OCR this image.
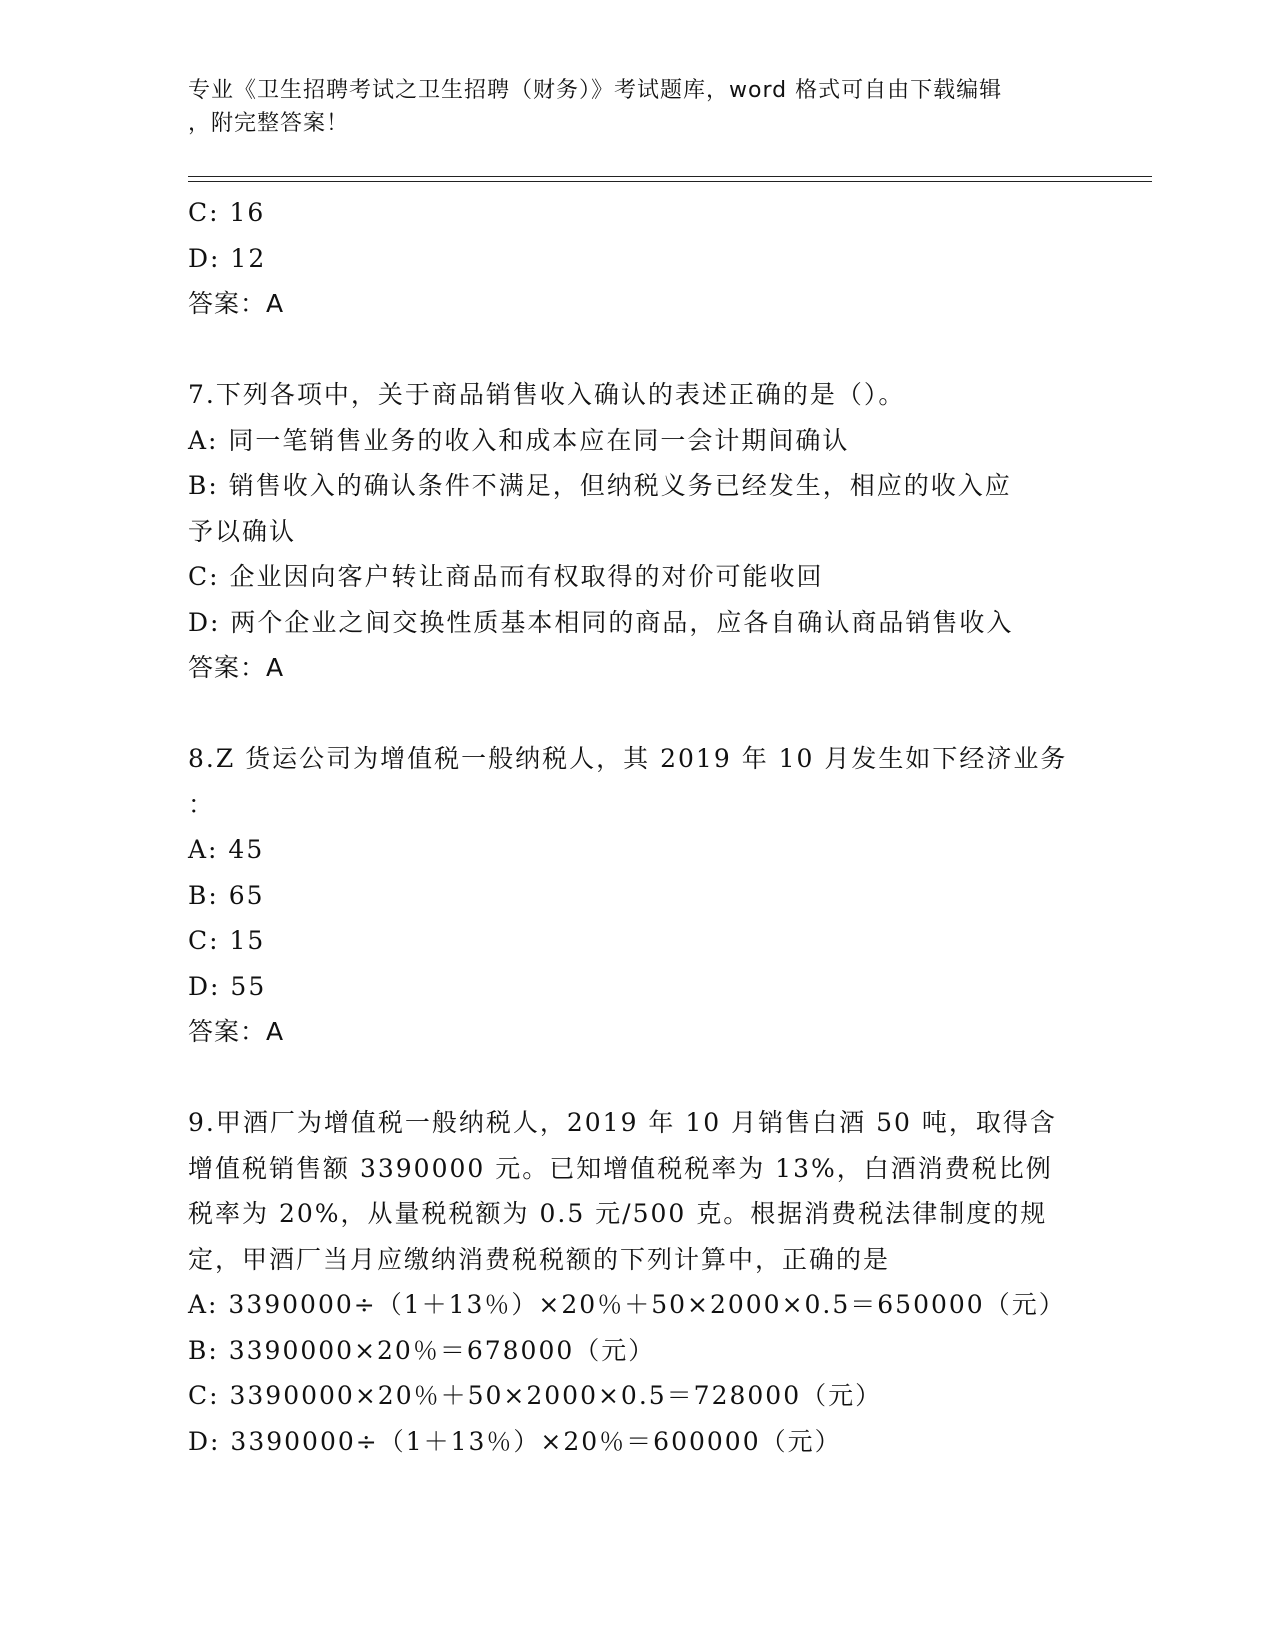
专业《卫生招聘考试之卫生招聘（财务）》考试题库，word 格式可自由下载编辑
，附完整答案！
C: 16
D: 12
答案：A
7.下列各项中，关于商品销售收入确认的表述正确的是（）。
A: 同一笔销售业务的收入和成本应在同一会计期间确认
B: 销售收入的确认条件不满足，但纳税义务已经发生，相应的收入应
予以确认
C: 企业因向客户转让商品而有权取得的对价可能收回
D: 两个企业之间交换性质基本相同的商品，应各自确认商品销售收入
答案：A
8.Z 货运公司为增值税一般纳税人，其 2019 年 10 月发生如下经济业务
：
A: 45
B: 65
C: 15
D: 55
答案：A
9.甲酒厂为增值税一般纳税人，2019 年 10 月销售白酒 50 吨，取得含
增值税销售额 3390000 元。已知增值税税率为 13%，白酒消费税比例
税率为 20%，从量税税额为 0.5 元/500 克。根据消费税法律制度的规
定，甲酒厂当月应缴纳消费税税额的下列计算中，正确的是
A: 3390000÷（1＋13％）×20％＋50×2000×0.5＝650000（元）
B: 3390000×20％＝678000（元）
C: 3390000×20％＋50×2000×0.5＝728000（元）
D: 3390000÷（1＋13％）×20％＝600000（元）
